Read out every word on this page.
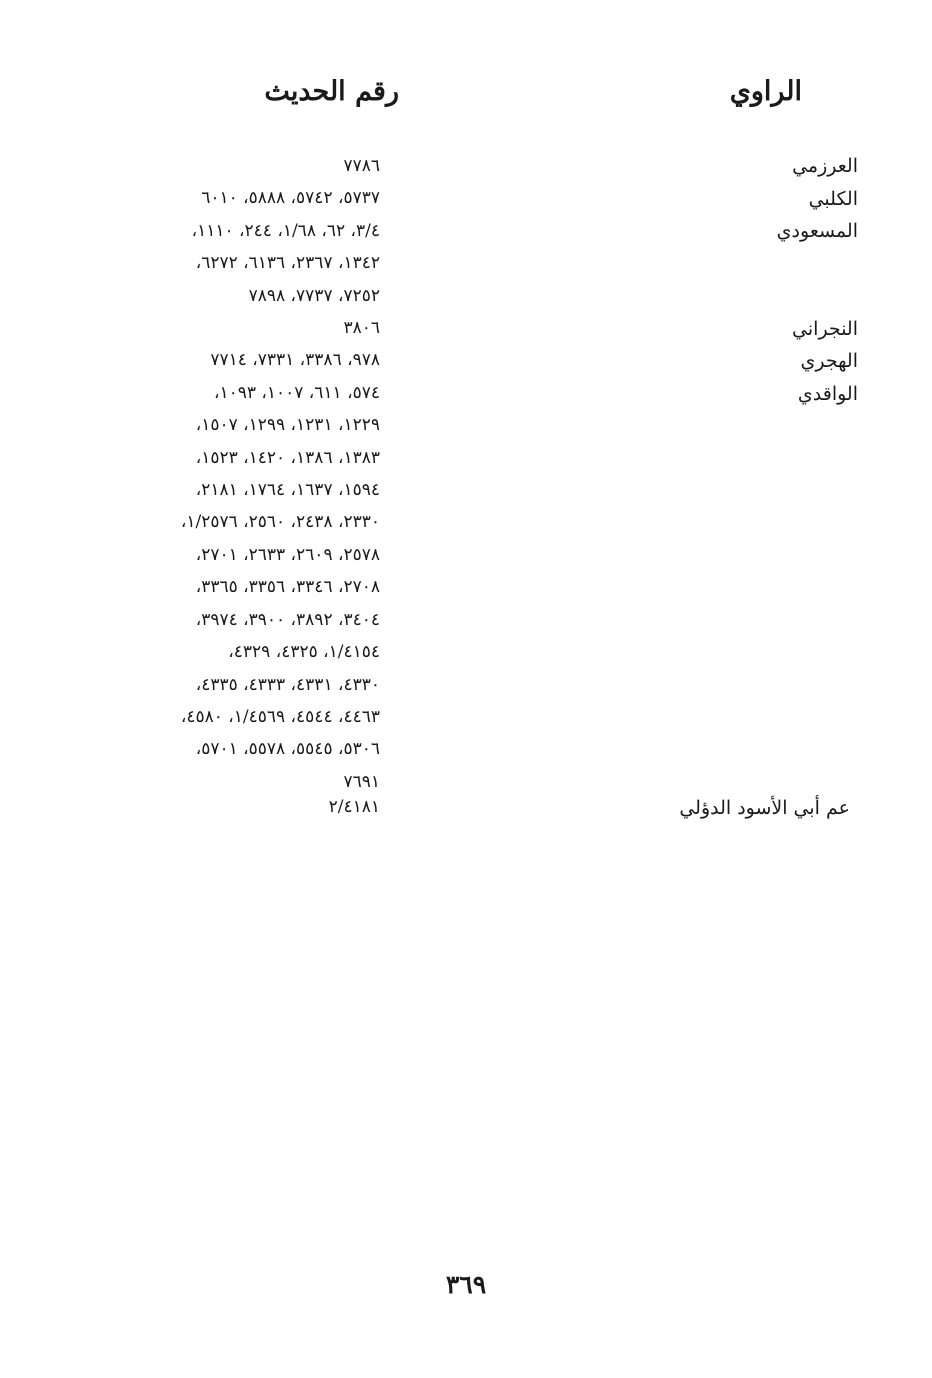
الراوي
رقم الحديث
العرزمي
الكلبي
المسعودي
النجراني
الهجري
الواقدي
٧٧٨٦
٥٧٣٧، ٥٧٤٢، ٥٨٨٨، ٦٠١٠
٣/٤، ٦٢، ١/٦٨، ٢٤٤، ١١١٠،
١٣٤٢، ٢٣٦٧، ٦١٣٦، ٦٢٧٢،
٧٢٥٢، ٧٧٣٧، ٧٨٩٨
٣٨٠٦
٩٧٨، ٣٣٨٦، ٧٣٣١، ٧٧١٤
٥٧٤، ٦١١، ١٠٠٧، ١٠٩٣،
١٢٢٩، ١٢٣١، ١٢٩٩، ١٥٠٧،
١٣٨٣، ١٣٨٦، ١٤٢٠، ١٥٢٣،
١٥٩٤، ١٦٣٧، ١٧٦٤، ٢١٨١،
٢٣٣٠، ٢٤٣٨، ٢٥٦٠، ١/٢٥٧٦،
٢٥٧٨، ٢٦٠٩، ٢٦٣٣، ٢٧٠١،
٢٧٠٨، ٣٣٤٦، ٣٣٥٦، ٣٣٦٥،
٣٤٠٤، ٣٨٩٢، ٣٩٠٠، ٣٩٧٤،
١/٤١٥٤، ٤٣٢٥، ٤٣٢٩،
٤٣٣٠، ٤٣٣١، ٤٣٣٣، ٤٣٣٥،
٤٤٦٣، ٤٥٤٤، ١/٤٥٦٩، ٤٥٨٠،
٥٣٠٦، ٥٥٤٥، ٥٥٧٨، ٥٧٠١،
٧٦٩١
عم أبي الأسود الدؤلي
٢/٤١٨١
٣٦٩
